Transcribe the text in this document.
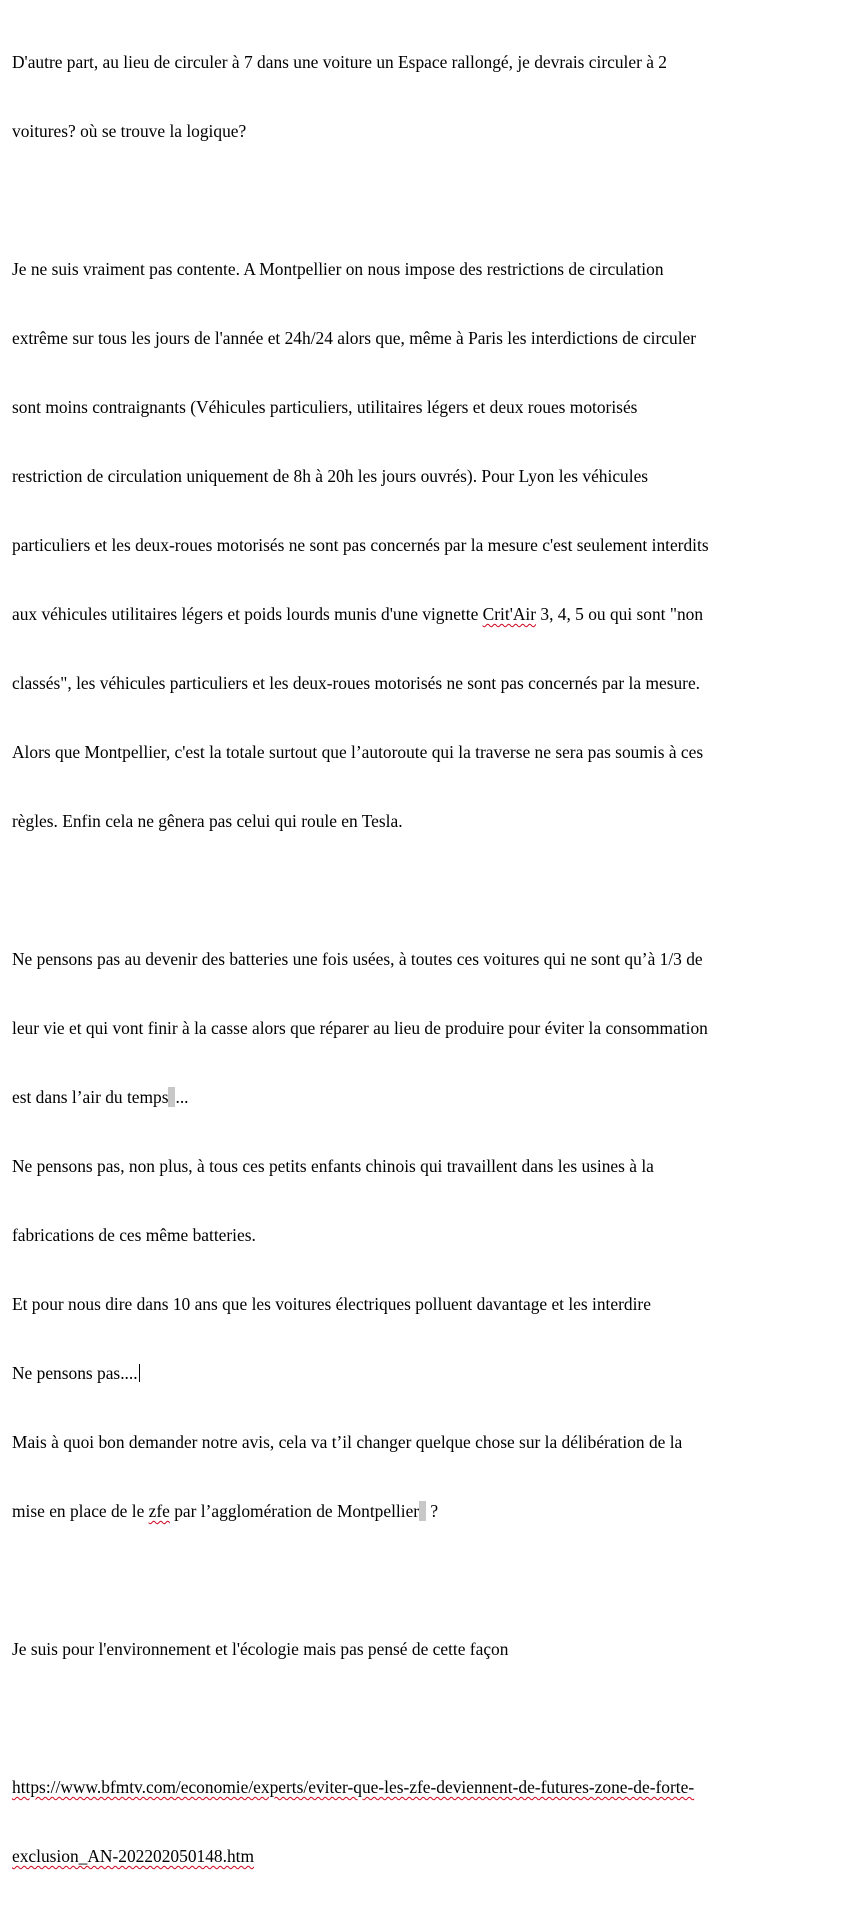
D'autre part, au lieu de circuler à 7 dans une voiture un Espace rallongé, je devrais circuler à 2

voitures? où se trouve la logique?

Je ne suis vraiment pas contente. A Montpellier on nous impose des restrictions de circulation

extrême sur tous les jours de l'année et 24h/24 alors que, même à Paris les interdictions de circuler

sont moins contraignants (Véhicules particuliers, utilitaires légers et deux roues motorisés

restriction de circulation uniquement de 8h à 20h les jours ouvrés). Pour Lyon les véhicules

particuliers et les deux-roues motorisés ne sont pas concernés par la mesure c'est seulement interdits

aux véhicules utilitaires légers et poids lourds munis d'une vignette Crit'Air 3, 4, 5 ou qui sont "non

classés", les véhicules particuliers et les deux-roues motorisés ne sont pas concernés par la mesure.

Alors que Montpellier, c'est la totale surtout que l’autoroute qui la traverse ne sera pas soumis à ces

règles. Enfin cela ne gênera pas celui qui roule en Tesla.

Ne pensons pas au devenir des batteries une fois usées, à toutes ces voitures qui ne sont qu’à 1/3 de

leur vie et qui vont finir à la casse alors que réparer au lieu de produire pour éviter la consommation

est dans l’air du temps ...

Ne pensons pas, non plus, à tous ces petits enfants chinois qui travaillent dans les usines à la

fabrications de ces même batteries.

Et pour nous dire dans 10 ans que les voitures électriques polluent davantage et les interdire

Ne pensons pas....

Mais à quoi bon demander notre avis, cela va t’il changer quelque chose sur la délibération de la

mise en place de le zfe par l’agglomération de Montpellier ?

Je suis pour l'environnement et l'écologie mais pas pensé de cette façon

https://www.bfmtv.com/economie/experts/eviter-que-les-zfe-deviennent-de-futures-zone-de-forte-

exclusion_AN-202202050148.htm
